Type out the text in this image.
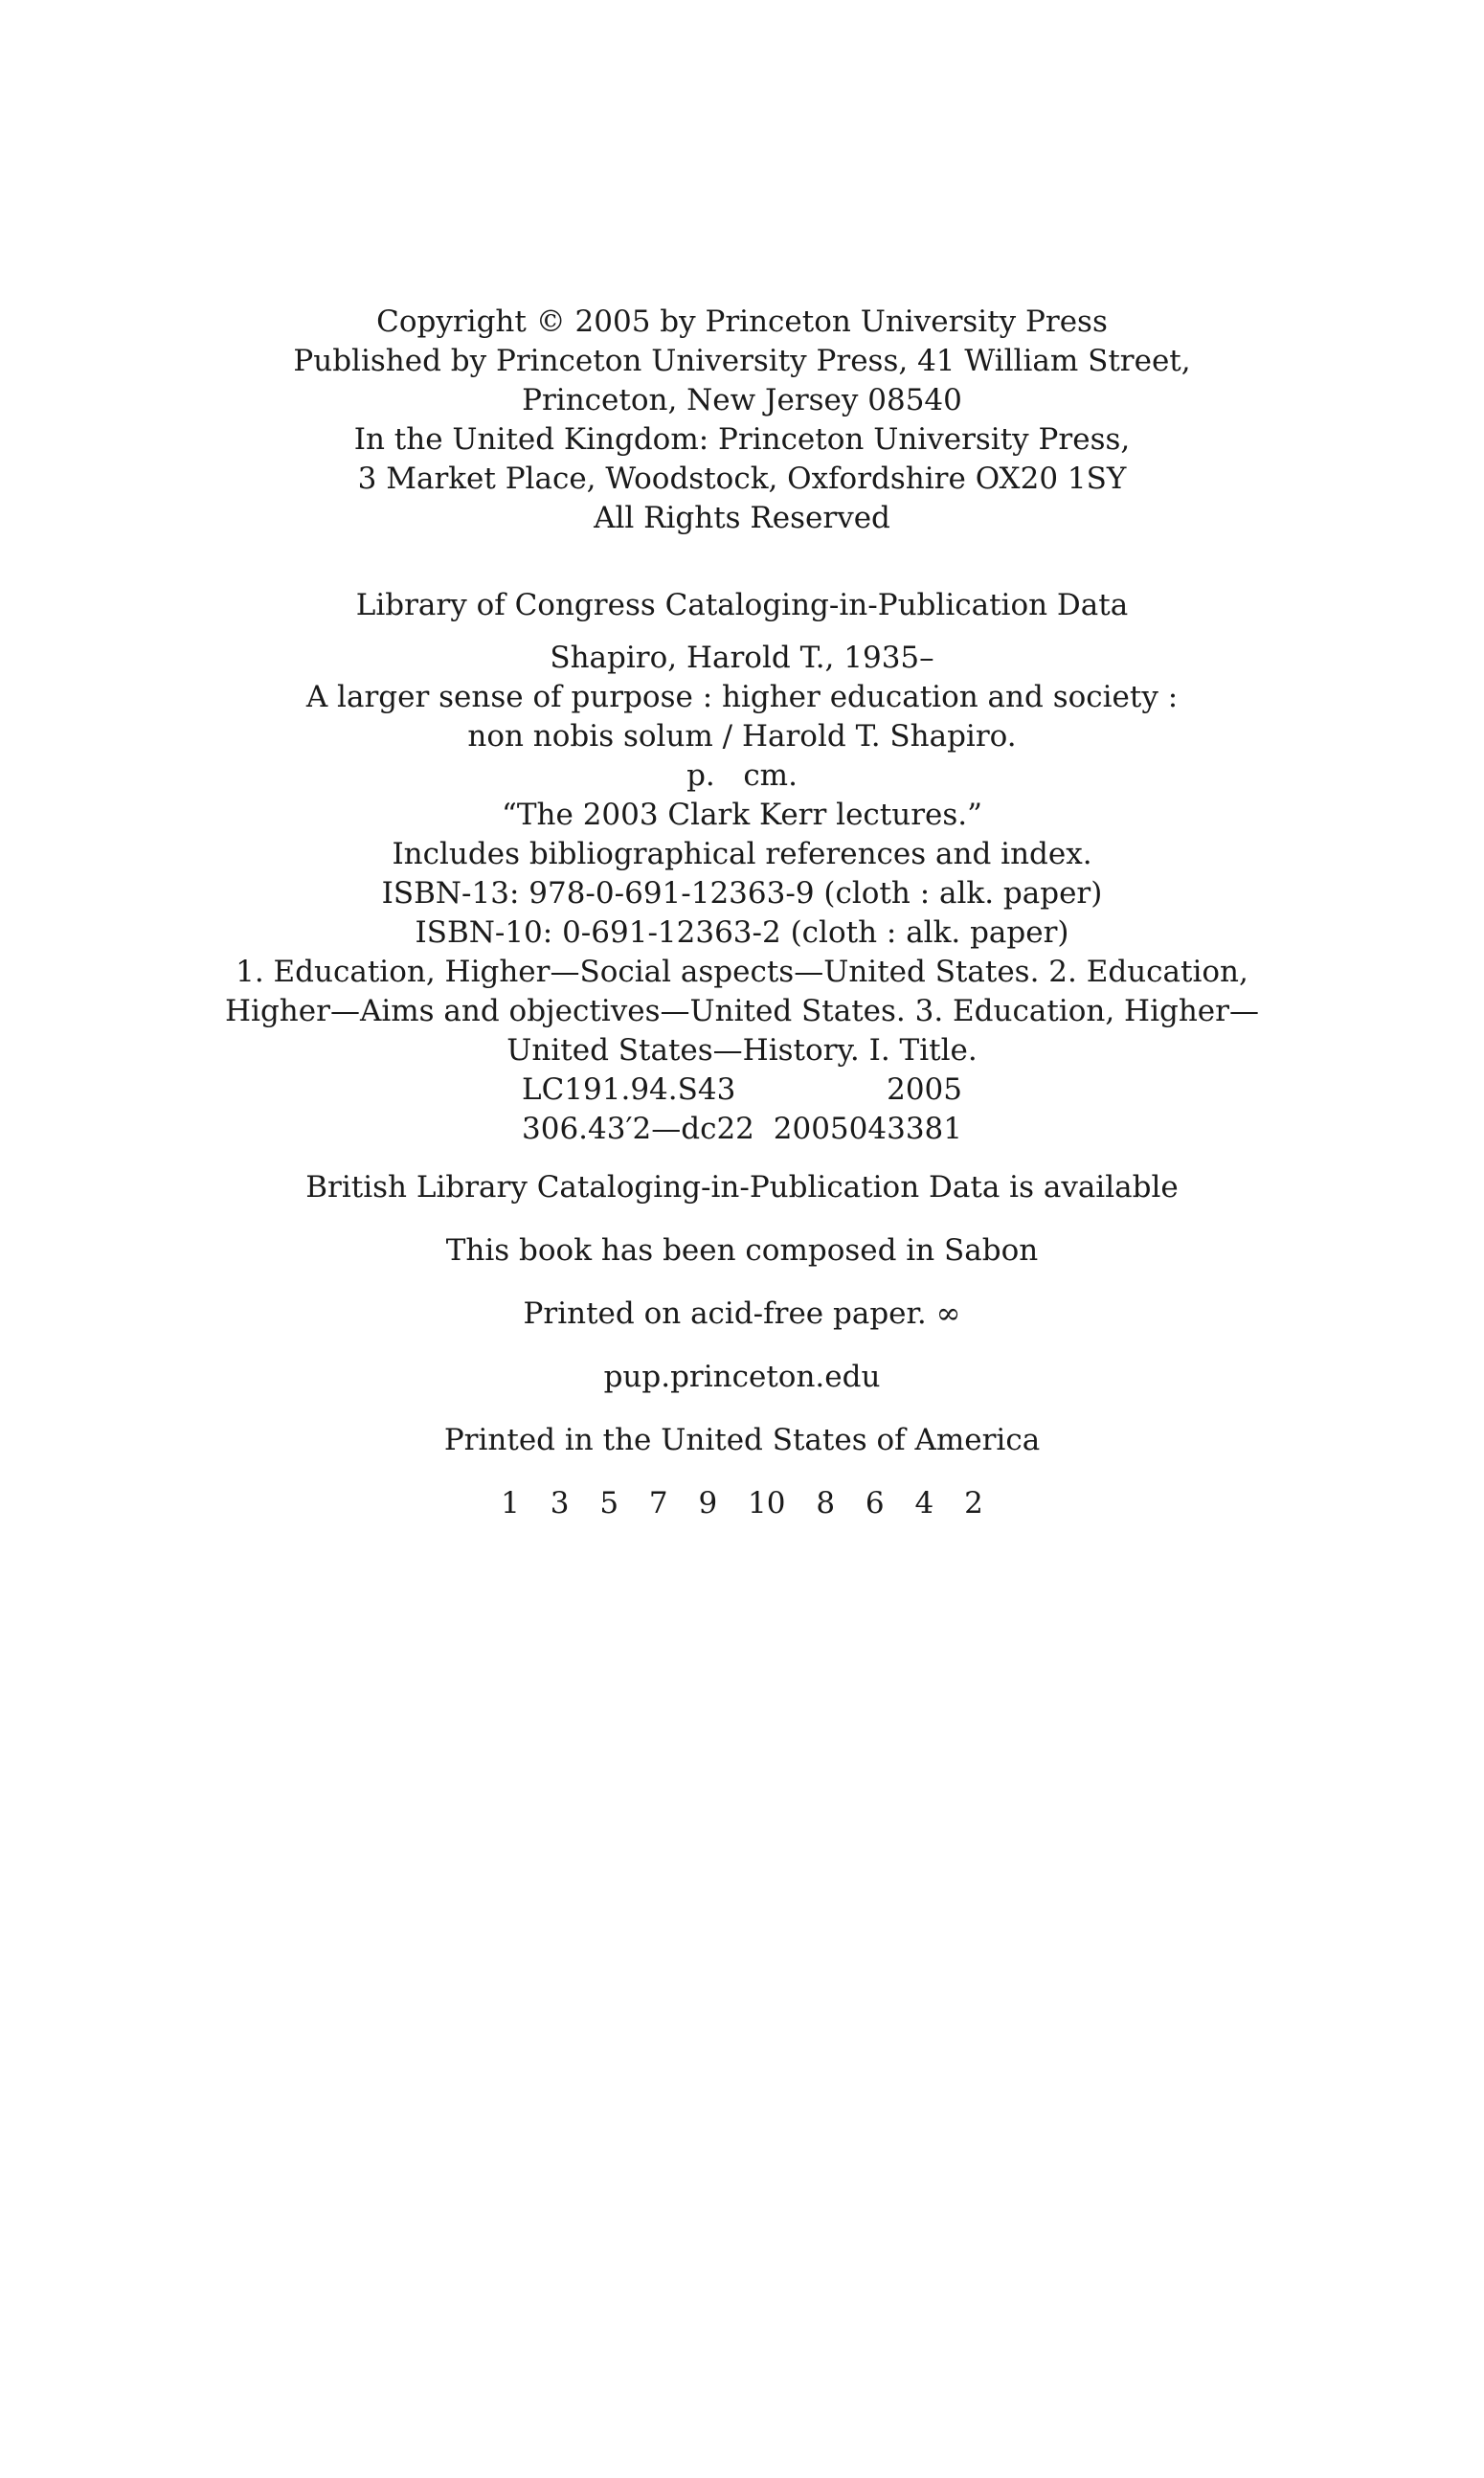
Copyright © 2005 by Princeton University Press
Published by Princeton University Press, 41 William Street,
Princeton, New Jersey 08540
In the United Kingdom: Princeton University Press,
3 Market Place, Woodstock, Oxfordshire OX20 1SY
All Rights Reserved
Library of Congress Cataloging-in-Publication Data
Shapiro, Harold T., 1935–
A larger sense of purpose : higher education and society :
non nobis solum / Harold T. Shapiro.
p.   cm.
“The 2003 Clark Kerr lectures.”
Includes bibliographical references and index.
ISBN-13: 978-0-691-12363-9 (cloth : alk. paper)
ISBN-10: 0-691-12363-2 (cloth : alk. paper)
1. Education, Higher—Social aspects—United States. 2. Education,
Higher—Aims and objectives—United States. 3. Education, Higher—
United States—History. I. Title.
LC191.94.S43	2005
306.43′2—dc22 2005043381
British Library Cataloging-in-Publication Data is available
This book has been composed in Sabon
Printed on acid-free paper. ∞
pup.princeton.edu
Printed in the United States of America
1 3 5 7 9 10 8 6 4 2
